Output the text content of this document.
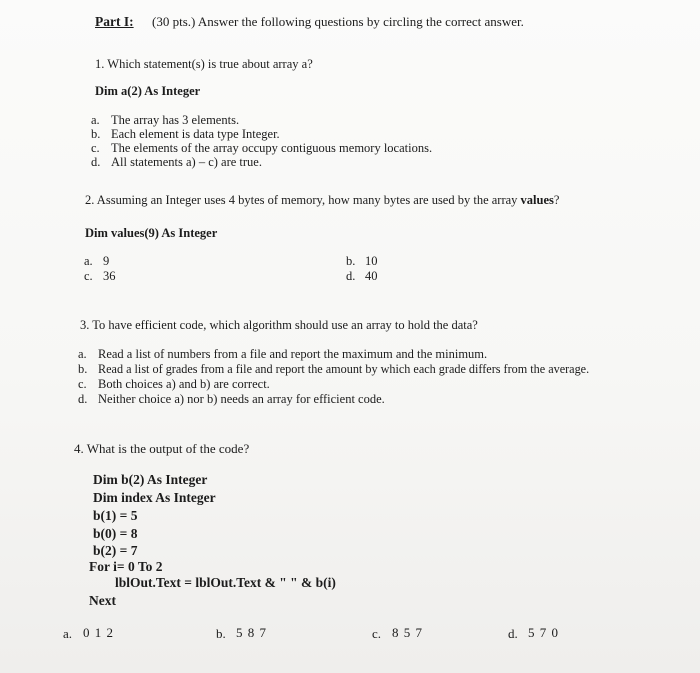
Part I: (30 pts.) Answer the following questions by circling the correct answer.

1. Which statement(s) is true about array a?

Dim a(2) As Integer

a. The array has 3 elements.

b. Each element is data type Integer.

c. The elements of the array occupy contiguous memory locations.

d. All statements a) – c) are true.

2. Assuming an Integer uses 4 bytes of memory, how many bytes are used by the array values?

Dim values(9) As Integer

a. 9	b. 10

c. 36	d. 40

3. To have efficient code, which algorithm should use an array to hold the data?

a. Read a list of numbers from a file and report the maximum and the minimum.

b. Read a list of grades from a file and report the amount by which each grade differs from the average.

c. Both choices a) and b) are correct.

d. Neither choice a) nor b) needs an array for efficient code.

4. What is the output of the code?

Dim b(2) As Integer

Dim index As Integer

b(1) = 5

b(0) = 8

b(2) = 7

For i= 0 To 2

lblOut.Text = lblOut.Text & " " & b(i)

Next

a. 0 1 2	b. 5 8 7	c. 8 5 7	d. 5 7 0
